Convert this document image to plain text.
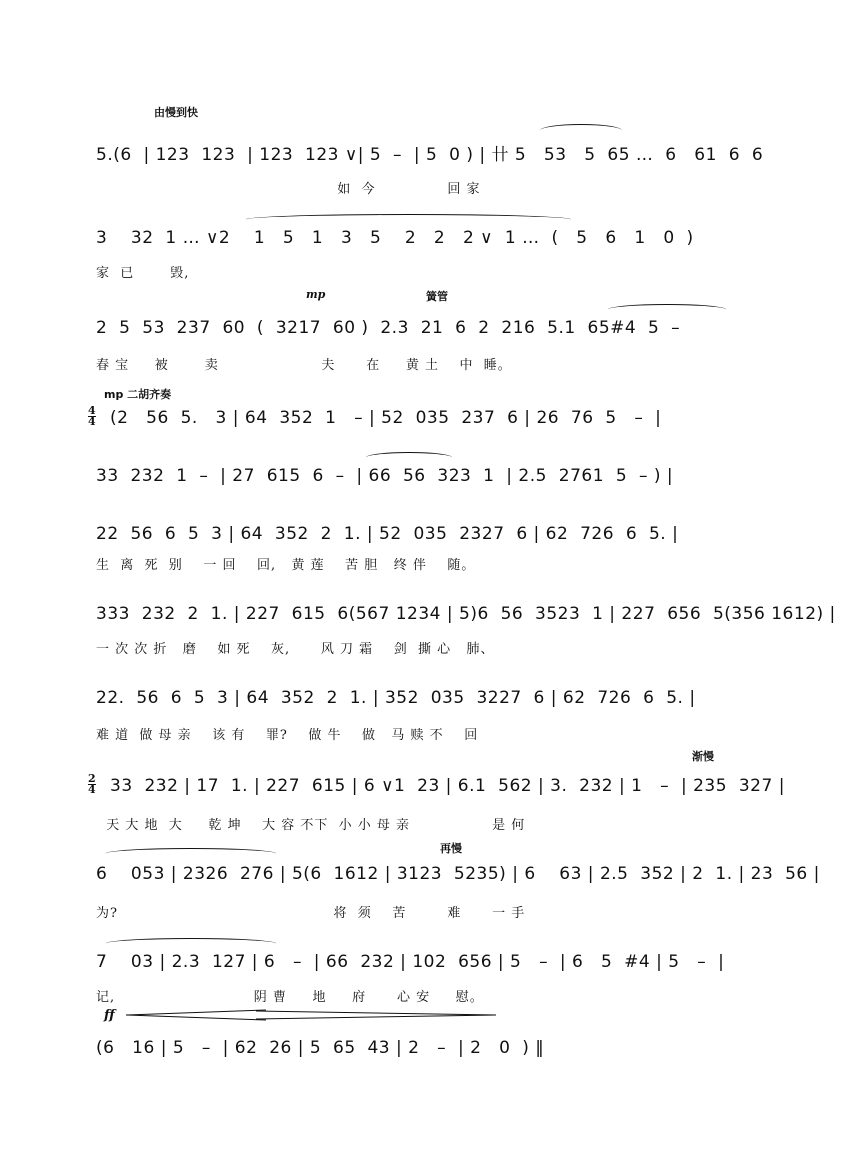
由慢到快
5.(6  | 123  123  | 123  123 ∨| 5  –  | 5  0 ) | 卄 5   53   5  65 …  6   61  6  6
如  今              回 家
3    32  1 … ∨2    1   5   1   3   5    2   2   2 ∨  1 …  (   5   6   1   0  )
家  已       毁,
mp	簧管
2  5  53  237  60  (  3217  60 )  2.3  21  6  2  216  5.1  65#4  5  –
春 宝     被       卖                    夫      在     黄 土    中  睡。
mp 二胡齐奏
4
4 (2   56  5.   3 | 64  352  1   – | 52  035  237  6 | 26  76  5   –  |
33  232  1  –  | 27  615  6  –  | 66  56  323  1  | 2.5  2761  5  – ) |
22  56  6  5  3 | 64  352  2  1. | 52  035  2327  6 | 62  726  6  5. |
生  离  死  别    一 回    回,   黄 莲    苦 胆   终 伴    随。
333  232  2  1. | 227  615  6(567 1234 | 5)6  56  3523  1 | 227  656  5(356 1612) |
一 次 次 折   磨    如 死    灰,      风 刀 霜    剑  撕 心   肺、
22.  56  6  5  3 | 64  352  2  1. | 352  035  3227  6 | 62  726  6  5. |
难 道  做 母 亲    该 有    罪?    做 牛    做   马 赎 不    回
渐慢
2
4 33  232 | 17  1. | 227  615 | 6 ∨1  23 | 6.1  562 | 3.  232 | 1   –  | 235  327 |
天 大 地  大     乾 坤    大 容 不下  小 小 母 亲                是 何
再慢
6    053 | 2326  276 | 5(6  1612 | 3123  5235) | 6    63 | 2.5  352 | 2  1. | 23  56 |
为?                                          将  须    苦        难      一 手
7    03 | 2.3  127 | 6   –  | 66  232 | 102  656 | 5   –  | 6   5  #4 | 5   –  |
记,                           阴 曹     地     府      心 安     慰。
ff
(6   16 | 5   –  | 62  26 | 5  65  43 | 2   –  | 2   0  ) ‖
